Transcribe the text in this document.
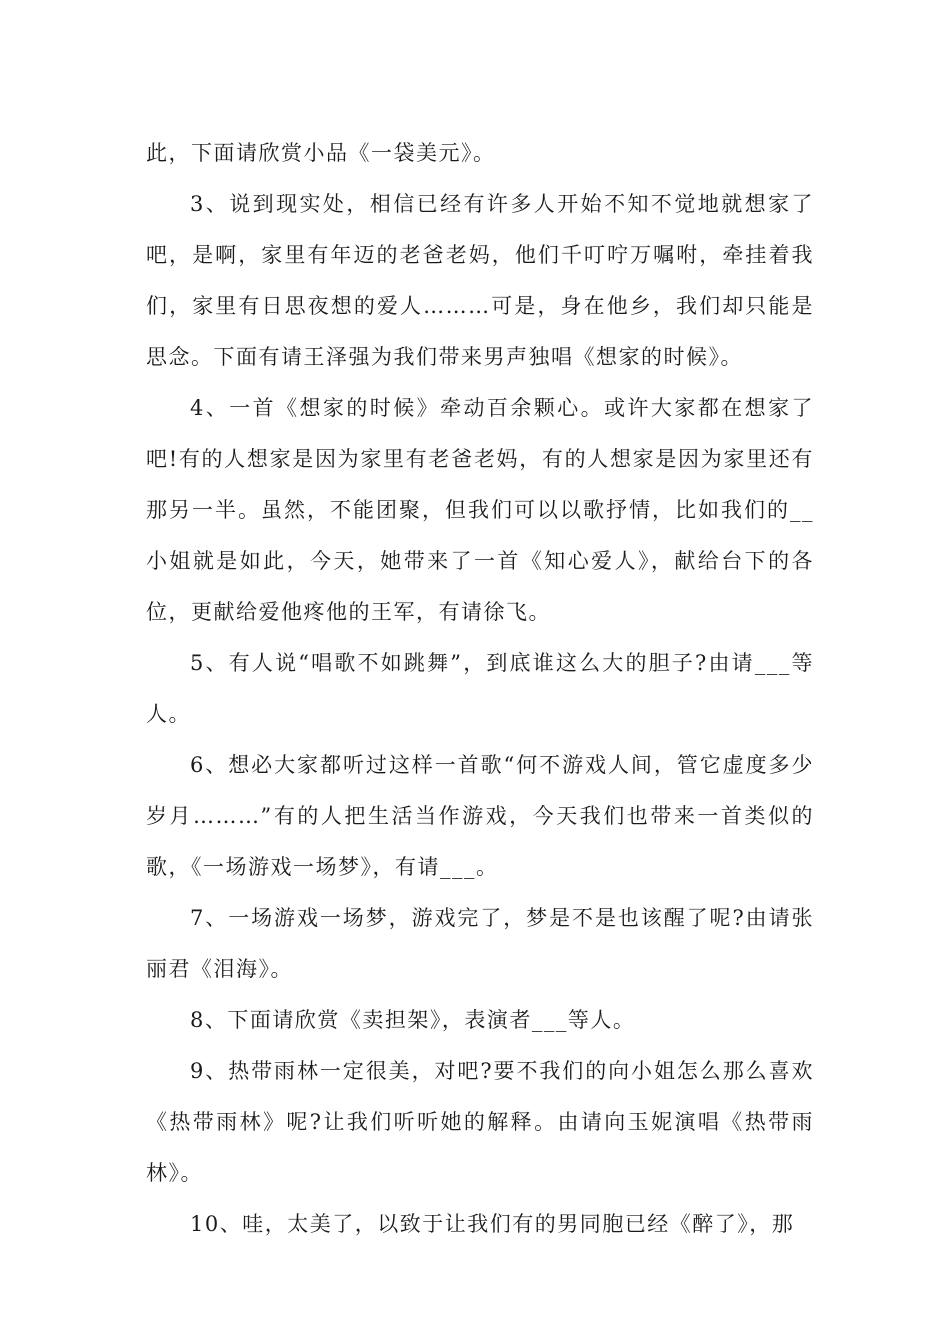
此，下面请欣赏小品《一袋美元》。

3、说到现实处，相信已经有许多人开始不知不觉地就想家了吧，是啊，家里有年迈的老爸老妈，他们千叮咛万嘱咐，牵挂着我们，家里有日思夜想的爱人………可是，身在他乡，我们却只能是思念。下面有请王泽强为我们带来男声独唱《想家的时候》。

4、一首《想家的时候》牵动百余颗心。或许大家都在想家了吧!有的人想家是因为家里有老爸老妈，有的人想家是因为家里还有那另一半。虽然，不能团聚，但我们可以以歌抒情，比如我们的__小姐就是如此，今天，她带来了一首《知心爱人》，献给台下的各位，更献给爱他疼他的王军，有请徐飞。

5、有人说“唱歌不如跳舞”，到底谁这么大的胆子?由请___等人。

6、想必大家都听过这样一首歌“何不游戏人间，管它虚度多少岁月………”有的人把生活当作游戏，今天我们也带来一首类似的歌，《一场游戏一场梦》，有请___。

7、一场游戏一场梦，游戏完了，梦是不是也该醒了呢?由请张丽君《泪海》。

8、下面请欣赏《卖担架》，表演者___等人。

9、热带雨林一定很美，对吧?要不我们的向小姐怎么那么喜欢《热带雨林》呢?让我们听听她的解释。由请向玉妮演唱《热带雨林》。

10、哇，太美了，以致于让我们有的男同胞已经《醉了》，那
